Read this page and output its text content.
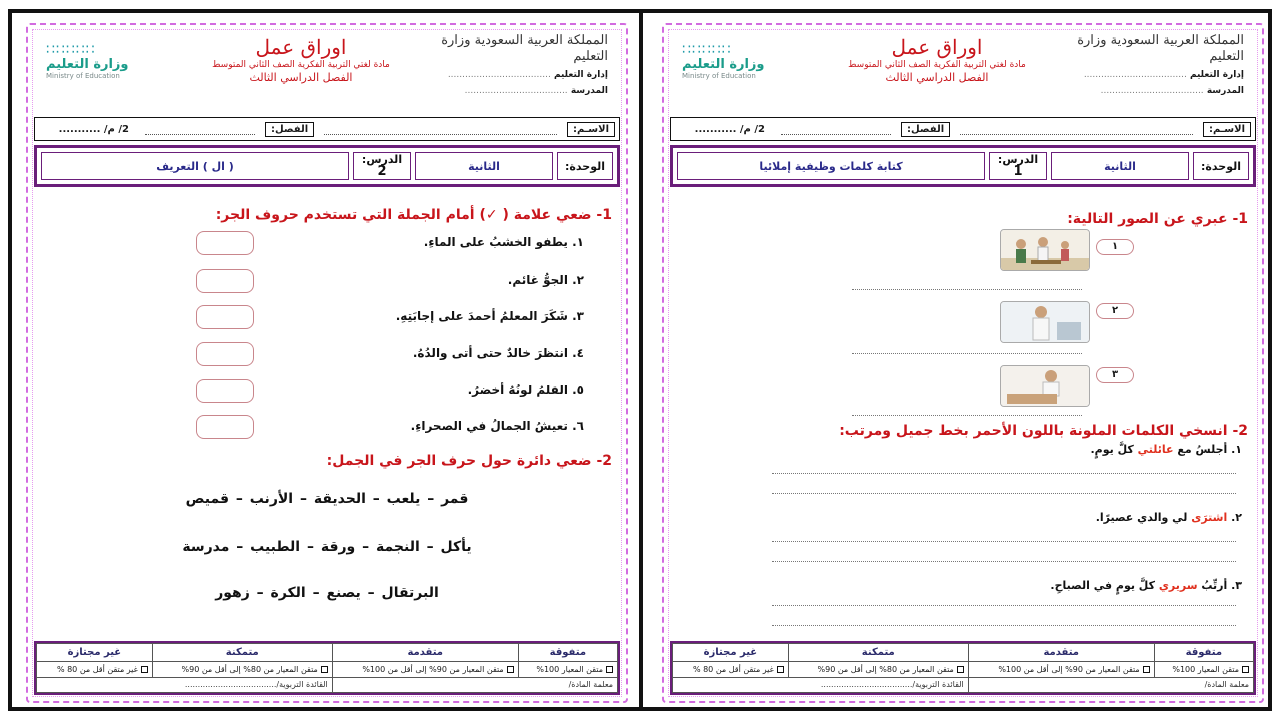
∷∷∷∷∷
وزارة التعليم
Ministry of Education
اوراق عمل
مادة لغتي التربية الفكرية الصف الثاني المتوسط
الفصل الدراسي الثالث
المملكة العربية السعودية وزارة التعليم
إدارة التعليم ....................................
المدرسة ....................................
الاسـم:
الفصل:
2/ م/ ...........
الوحدة:
الثانية
الدرس:
2
( ال ) التعريف
1- ضعي علامة ( ✓) أمام الجملة التي تستخدم حروف الجر:
١. يطفو الخشبُ على الماءِ.
٢. الجوُّ غائم.
٣. شَكَرَ المعلمُ أحمدَ على إجابَتِهِ.
٤. انتظرَ خالدٌ حتى أتى والدُهُ.
٥. القلمُ لونُهُ أخضرُ.
٦. تعيشُ الجمالُ في الصحراءِ.
2- ضعي دائرة حول حرف الجر في الجمل:
قمر – يلعب – الحديقة – الأرنب – قميص
يأكل – النجمة – ورقة – الطبيب – مدرسة
البرتقال – يصنع – الكرة – زهور
متفوقة	متقدمة	متمكنة	غير مجتازة
متقن المعيار 100%	متقن المعيار من 90% إلى أقل من 100%	متقن المعيار من 80% إلى أقل من 90%	غير متقن أقل من 80 %
معلمة المادة/		القائدة التربوية/....................................	
∷∷∷∷∷
وزارة التعليم
Ministry of Education
اوراق عمل
مادة لغتي التربية الفكرية الصف الثاني المتوسط
الفصل الدراسي الثالث
المملكة العربية السعودية وزارة التعليم
إدارة التعليم ....................................
المدرسة ....................................
الاسـم:
الفصل:
2/ م/ ...........
الوحدة:
الثانية
الدرس:
1
كتابة كلمات وظيفية إملائيا
1- عبري عن الصور التالية:
١
٢
٣
2- انسخي الكلمات الملونة باللون الأحمر بخط جميل ومرتب:
١. أجلسُ مع عائلتي كلَّ يومٍ.
٢. اشترَى لي والدي عصيرًا.
٣. أرتِّبُ سريري كلَّ يومٍ في الصباحِ.
متفوقة	متقدمة	متمكنة	غير مجتازة
متقن المعيار 100%	متقن المعيار من 90% إلى أقل من 100%	متقن المعيار من 80% إلى أقل من 90%	غير متقن أقل من 80 %
معلمة المادة/		القائدة التربوية/....................................	
